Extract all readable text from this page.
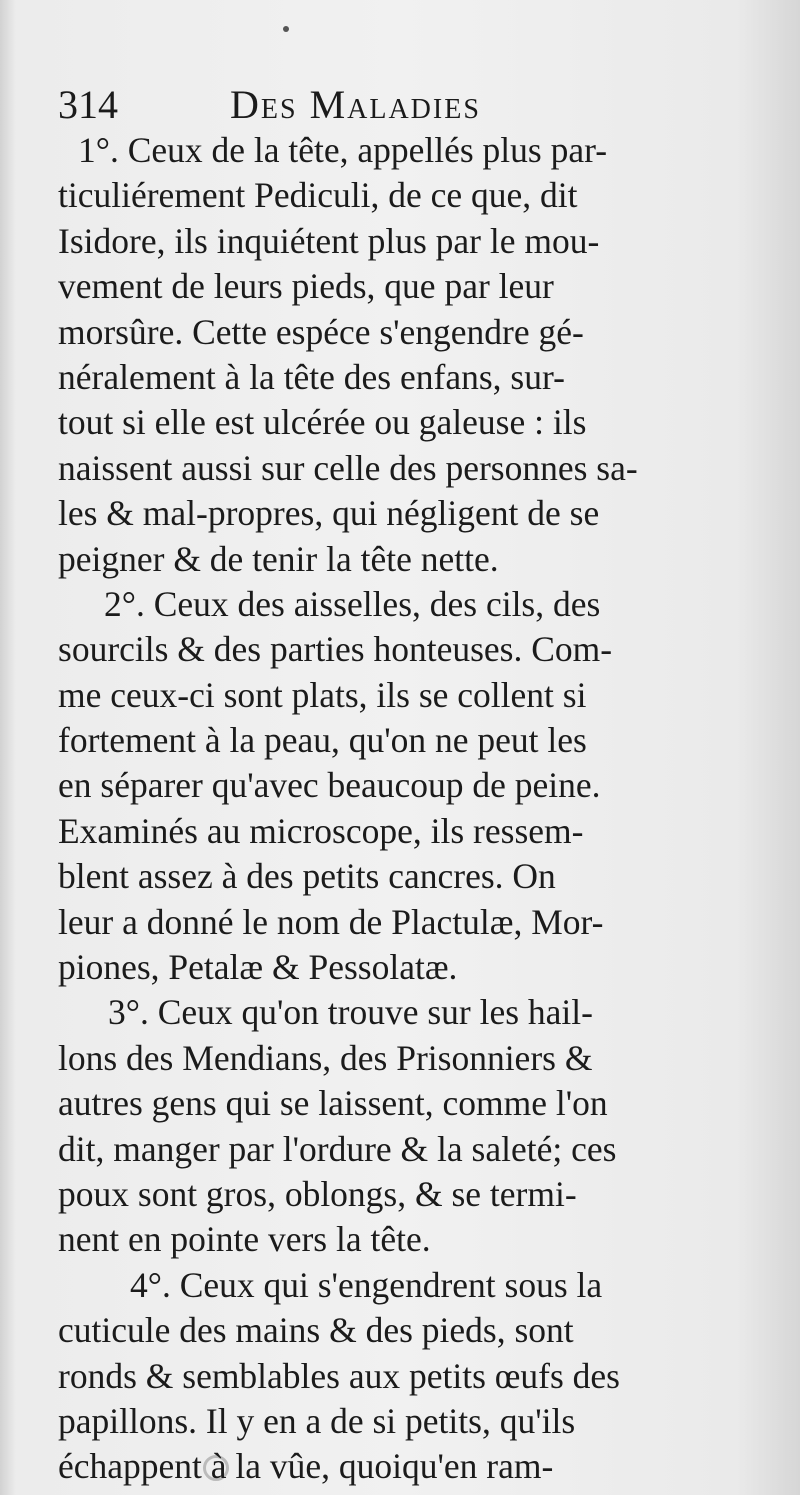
314	Des Maladies
1°. Ceux de la tête, appellés plus par-
ticuliérement Pediculi, de ce que, dit
Isidore, ils inquiétent plus par le mou-
vement de leurs pieds, que par leur
morsûre. Cette espéce s'engendre gé-
néralement à la tête des enfans, sur-
tout si elle est ulcérée ou galeuse : ils
naissent aussi sur celle des personnes sa-
les & mal-propres, qui négligent de se
peigner & de tenir la tête nette.
2°. Ceux des aisselles, des cils, des
sourcils & des parties honteuses. Com-
me ceux-ci sont plats, ils se collent si
fortement à la peau, qu'on ne peut les
en séparer qu'avec beaucoup de peine.
Examinés au microscope, ils ressem-
blent assez à des petits cancres. On
leur a donné le nom de Plactulæ, Mor-
piones, Petalæ & Pessolatæ.
3°. Ceux qu'on trouve sur les hail-
lons des Mendians, des Prisonniers &
autres gens qui se laissent, comme l'on
dit, manger par l'ordure & la saleté; ces
poux sont gros, oblongs, & se termi-
nent en pointe vers la tête.
4°. Ceux qui s'engendrent sous la
cuticule des mains & des pieds, sont
ronds & semblables aux petits œufs des
papillons. Il y en a de si petits, qu'ils
échappent à la vûe, quoiqu'en ram-
